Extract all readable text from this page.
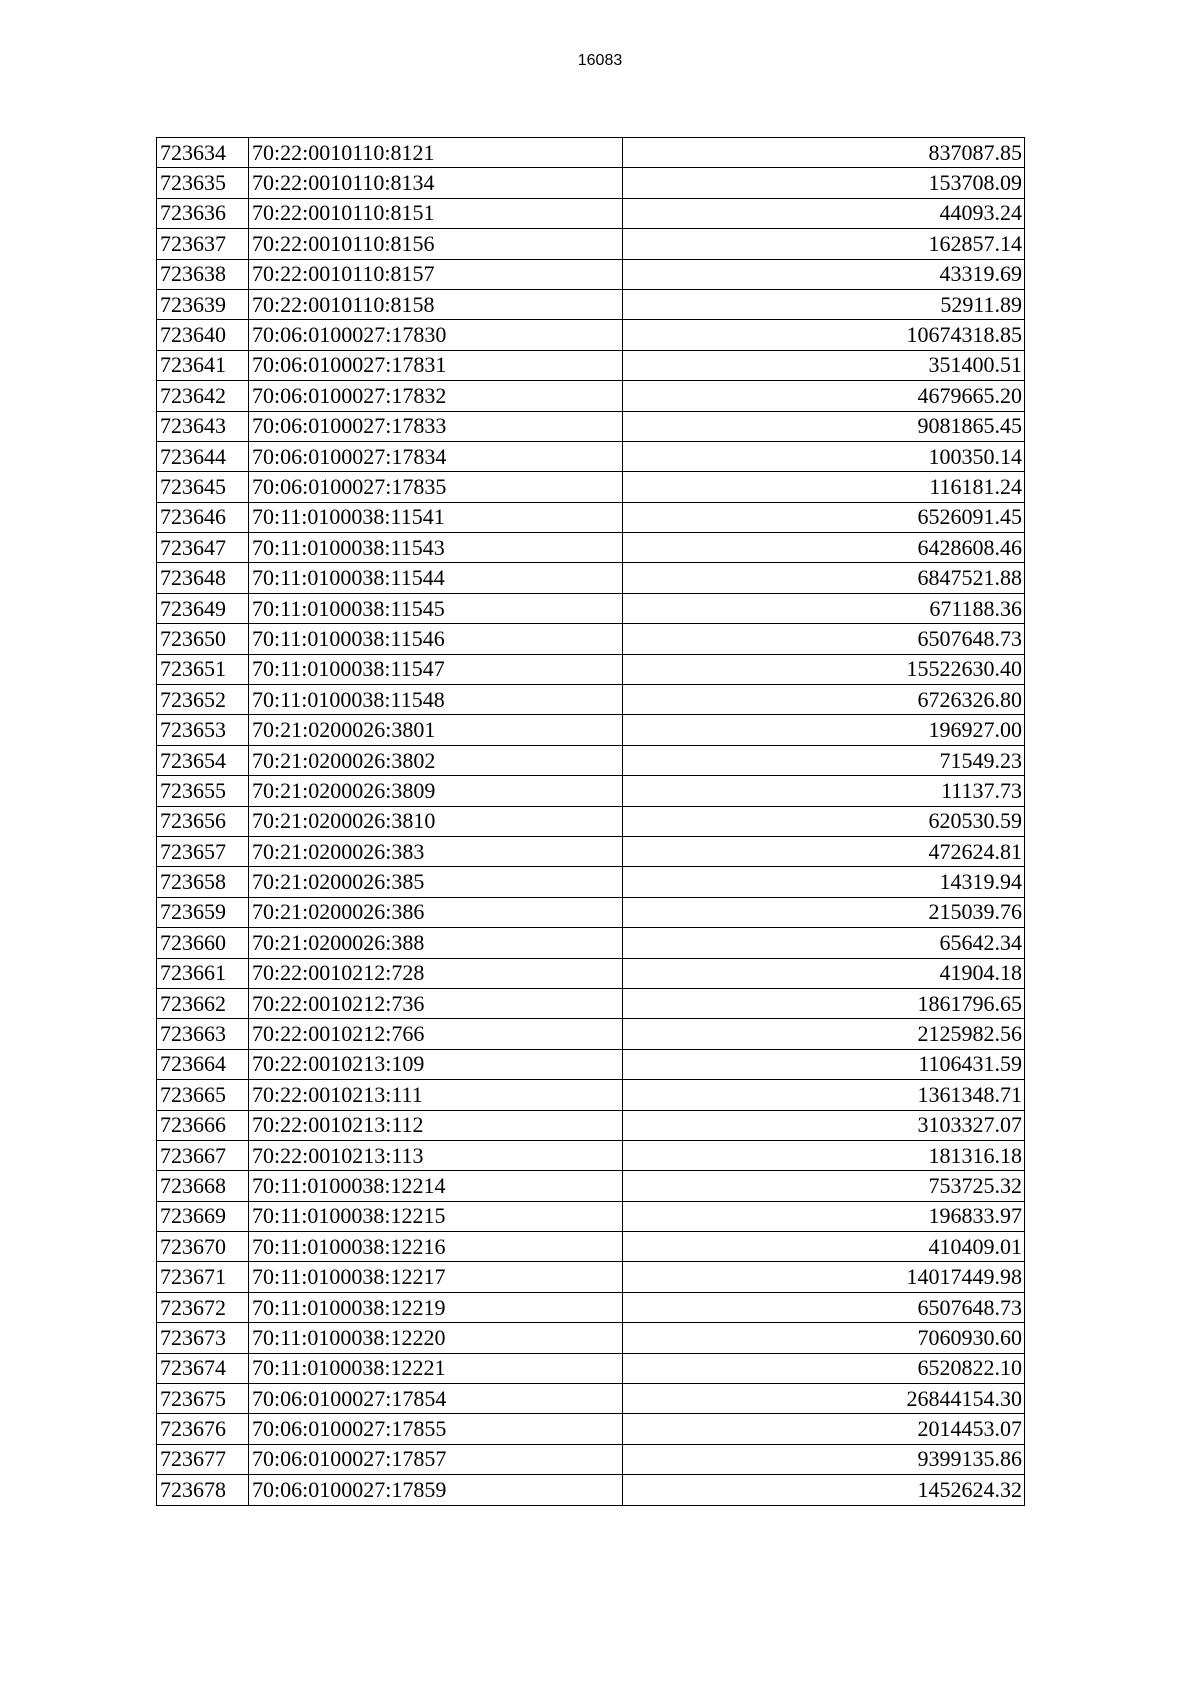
16083
723634	70:22:0010110:8121	837087.85
723635	70:22:0010110:8134	153708.09
723636	70:22:0010110:8151	44093.24
723637	70:22:0010110:8156	162857.14
723638	70:22:0010110:8157	43319.69
723639	70:22:0010110:8158	52911.89
723640	70:06:0100027:17830	10674318.85
723641	70:06:0100027:17831	351400.51
723642	70:06:0100027:17832	4679665.20
723643	70:06:0100027:17833	9081865.45
723644	70:06:0100027:17834	100350.14
723645	70:06:0100027:17835	116181.24
723646	70:11:0100038:11541	6526091.45
723647	70:11:0100038:11543	6428608.46
723648	70:11:0100038:11544	6847521.88
723649	70:11:0100038:11545	671188.36
723650	70:11:0100038:11546	6507648.73
723651	70:11:0100038:11547	15522630.40
723652	70:11:0100038:11548	6726326.80
723653	70:21:0200026:3801	196927.00
723654	70:21:0200026:3802	71549.23
723655	70:21:0200026:3809	11137.73
723656	70:21:0200026:3810	620530.59
723657	70:21:0200026:383	472624.81
723658	70:21:0200026:385	14319.94
723659	70:21:0200026:386	215039.76
723660	70:21:0200026:388	65642.34
723661	70:22:0010212:728	41904.18
723662	70:22:0010212:736	1861796.65
723663	70:22:0010212:766	2125982.56
723664	70:22:0010213:109	1106431.59
723665	70:22:0010213:111	1361348.71
723666	70:22:0010213:112	3103327.07
723667	70:22:0010213:113	181316.18
723668	70:11:0100038:12214	753725.32
723669	70:11:0100038:12215	196833.97
723670	70:11:0100038:12216	410409.01
723671	70:11:0100038:12217	14017449.98
723672	70:11:0100038:12219	6507648.73
723673	70:11:0100038:12220	7060930.60
723674	70:11:0100038:12221	6520822.10
723675	70:06:0100027:17854	26844154.30
723676	70:06:0100027:17855	2014453.07
723677	70:06:0100027:17857	9399135.86
723678	70:06:0100027:17859	1452624.32
